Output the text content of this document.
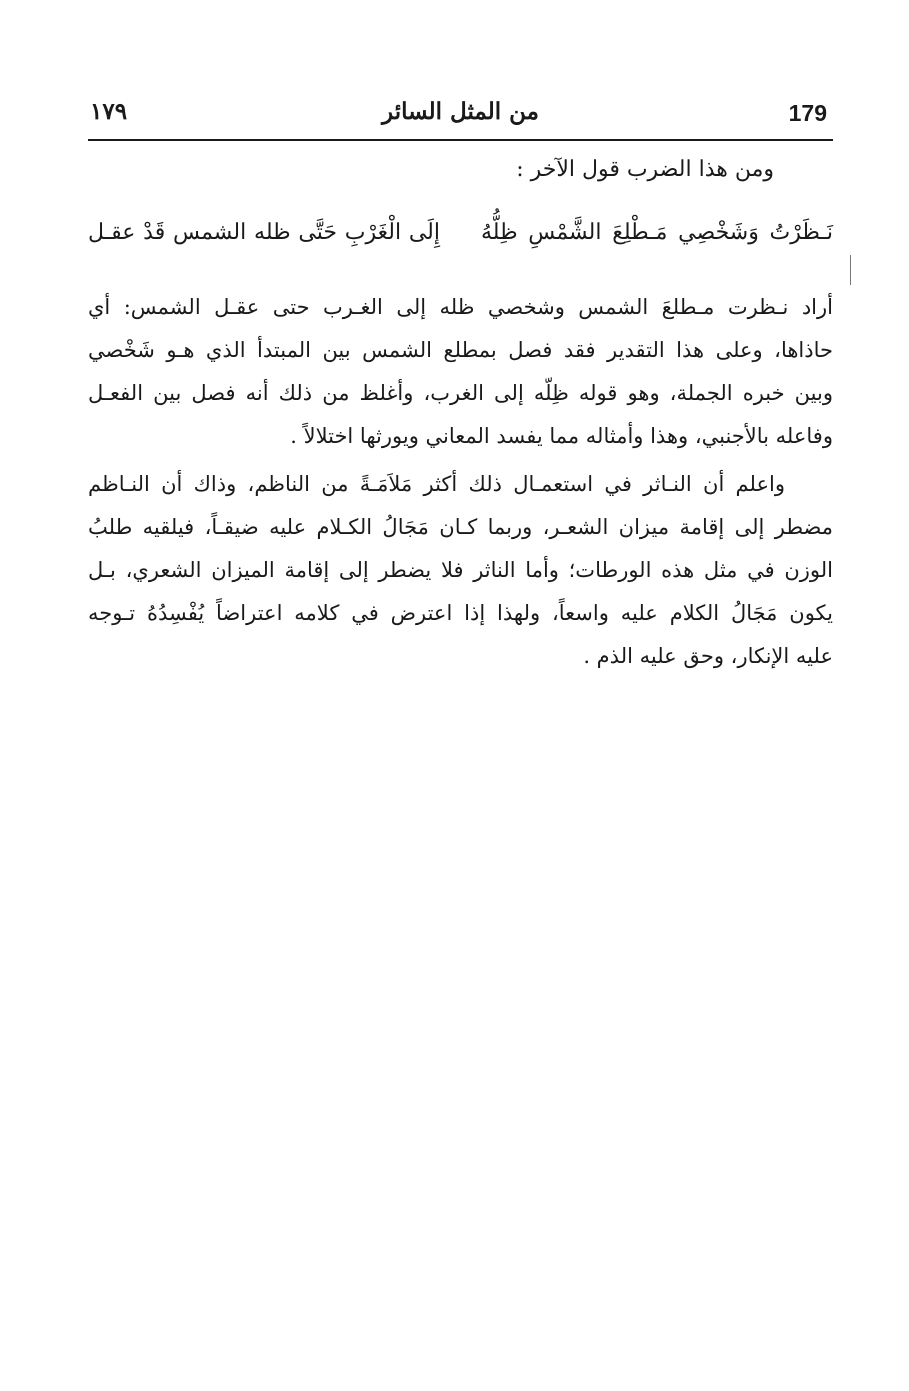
179
من المثل السائر
١٧٩
ومن هذا الضرب قول الآخر :
نَـظَرْتُ وَشَخْصِي مَـطْلِعَ الشَّمْسِ ظِلُّهُ
إِلَى الْغَرْبِ حَتَّى ظله الشمس قَدْ عقـل
أراد نـظرت مـطلعَ الشمس وشخصي ظله إلى الغـرب حتى عقـل الشمس: أي
حاذاها، وعلى هذا التقدير فقد فصل بمطلع الشمس بين المبتدأ الذي هـو شَخْصي
وبين خبره الجملة، وهو قوله ظِلّه إلى الغرب، وأغلظ من ذلك أنه فصل بين الفعـل
وفاعله بالأجنبي، وهذا وأمثاله مما يفسد المعاني ويورثها اختلالاً .
واعلم أن النـاثر في استعمـال ذلك أكثر مَلاَمَـةً من الناظم، وذاك أن النـاظم
مضطر إلى إقامة ميزان الشعـر، وربما كـان مَجَالُ الكـلام عليه ضيقـاً، فيلقيه طلبُ
الوزن في مثل هذه الورطات؛ وأما الناثر فلا يضطر إلى إقامة الميزان الشعري، بـل
يكون مَجَالُ الكلام عليه واسعاً، ولهذا إذا اعترض في كلامه اعتراضاً يُفْسِدُهُ تـوجه
عليه الإنكار، وحق عليه الذم .
